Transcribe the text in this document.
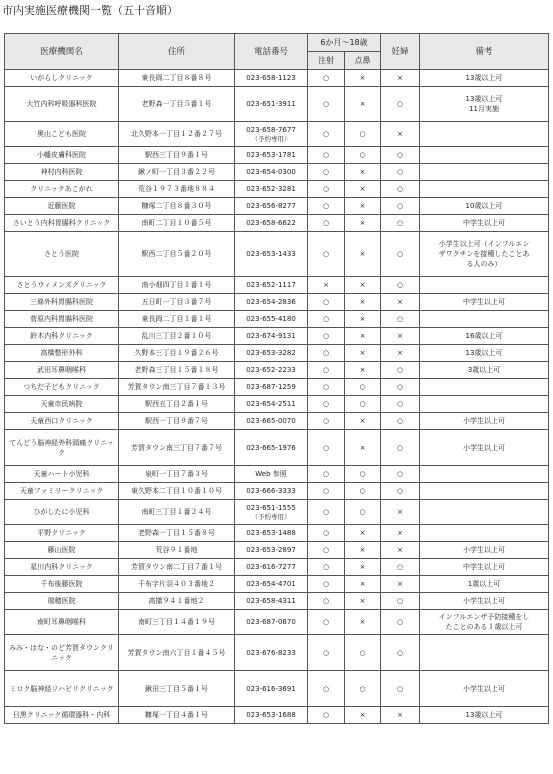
市内実施医療機関一覧（五十音順）
医療機関名	住所	電話番号	6か月～18歳		妊婦	備考
			注射	点鼻		
いがらしクリニック	東長岡二丁目８番８号	023-658-1123	○	×	×	13歳以上可

大竹内科呼吸器科医院	老野森一丁目５番１号	023-651-3911	○	×	○	13歳以上可
11月実施

奥山こども医院	北久野本一丁目１２番２７号	023-658-7677
（予約専用）	○	○	×	

小幡皮膚科医院	駅西三丁目９番１号	023-653-1781	○	○	○	

神村内科医院	鍬ノ町一丁目３番２２号	023-654-0300	○	×	○	

クリニックあこがれ	荒谷１９７３番地８８４	023-652-3281	○	×	○	

近藤医院	糠塚二丁目８番３０号	023-656-8277	○	×	○	10歳以上可

さいとう内科胃腸科クリニック	南町二丁目１０番５号	023-658-6622	○	×	○	中学生以上可

さとう医院	駅西二丁目５番２０号	023-653-1433	○	×	○	小学生以上可（インフルエン
ザワクチンを接種したことあ
る人のみ）

さとうウィメンズクリニック	南小畑四丁目１番１号	023-652-1117	×	×	○	

三條外科胃腸科医院	五日町一丁目３番７号	023-654-2836	○	×	×	中学生以上可

菅原内科胃腸科医院	東長岡二丁目１番１号	023-655-4180	○	×	○	

鈴木内科クリニック	乱川三丁目２番１０号	023-674-9131	○	×	×	16歳以上可

高橋整形外科	久野本三丁目１９番２６号	023-653-3282	○	×	×	13歳以上可

武田耳鼻咽喉科	老野森三丁目１５番１８号	023-652-2233	○	×	○	3歳以上可

つちだ子どもクリニック	芳賀タウン南三丁目７番１３号	023-687-1259	○	○	○	

天童市民病院	駅西五丁目２番１号	023-654-2511	○	○	○	

天童西口クリニック	駅西一丁目９番７号	023-665-0070	○	×	○	小学生以上可

てんどう脳神経外科頭痛クリニック	芳賀タウン南三丁目７番７号	023-665-1976	○	×	○	小学生以上可

天童ハート小児科	泉町一丁目７番３号	Web 参照	○	○	○	

天童ファミリークリニック	東久野本二丁目１０番１０号	023-666-3333	○	○	○	

ひがしたに小児科	南町三丁目１番２４号	023-651-1555
（予約専用）	○	○	×	

平野クリニック	老野森一丁目１５番８号	023-653-1488	○	×	×	

藤山医院	荒谷９１番地	023-653-2897	○	×	×	小学生以上可

星川内科クリニック	芳賀タウン南二丁目７番１号	023-616-7277	○	×	○	中学生以上可

千布後藤医院	千布字片羽４０３番地２	023-654-4701	○	×	×	1歳以上可

瑞穂医院	高擶９４１番地２	023-658-4311	○	×	○	小学生以上可

南町耳鼻咽喉科	南町三丁目１４番１９号	023-687-0870	○	×	○	インフルエンザ予防接種をし
たことのある１歳以上可

みみ・はな・のど芳賀タウンクリニック	芳賀タウン南六丁目１番４５号	023-676-8233	○	○	○	

ミロク脳神経リハビリクリニック	鍬田三丁目５番１号	023-616-3691	○	○	○	小学生以上可

日黒クリニック循環器科・内科	糠塚一丁目４番１号	023-653-1688	○	×	×	13歳以上可
